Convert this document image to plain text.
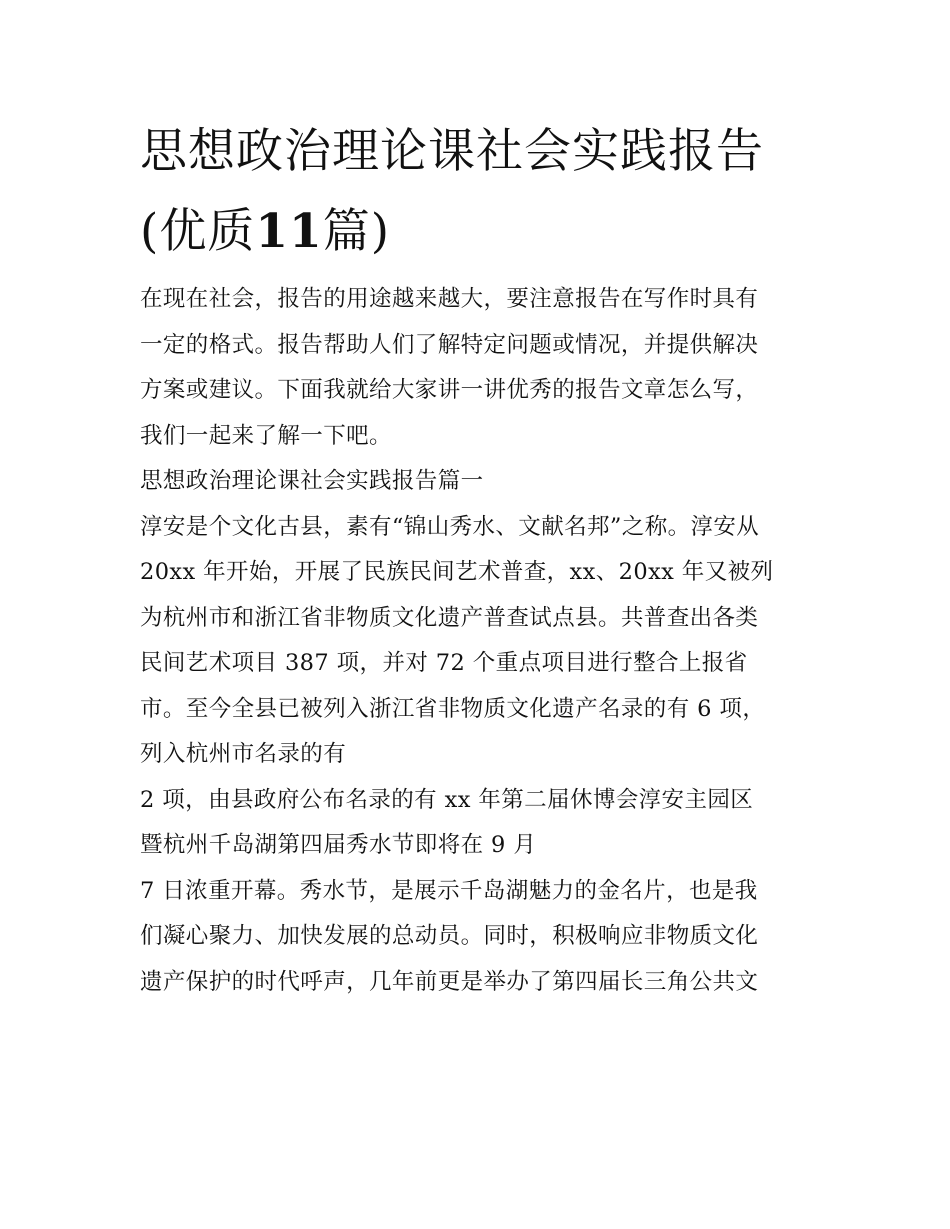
思想政治理论课社会实践报告
(优质11篇)
在现在社会，报告的用途越来越大，要注意报告在写作时具有
一定的格式。报告帮助人们了解特定问题或情况，并提供解决
方案或建议。下面我就给大家讲一讲优秀的报告文章怎么写，
我们一起来了解一下吧。
思想政治理论课社会实践报告篇一
淳安是个文化古县，素有“锦山秀水、文献名邦”之称。淳安从
20xx 年开始，开展了民族民间艺术普查，xx、20xx 年又被列
为杭州市和浙江省非物质文化遗产普查试点县。共普查出各类
民间艺术项目 387 项，并对 72 个重点项目进行整合上报省
市。至今全县已被列入浙江省非物质文化遗产名录的有 6 项，
列入杭州市名录的有
2 项，由县政府公布名录的有 xx 年第二届休博会淳安主园区
暨杭州千岛湖第四届秀水节即将在 9 月
7 日浓重开幕。秀水节，是展示千岛湖魅力的金名片，也是我
们凝心聚力、加快发展的总动员。同时，积极响应非物质文化
遗产保护的时代呼声，几年前更是举办了第四届长三角公共文
